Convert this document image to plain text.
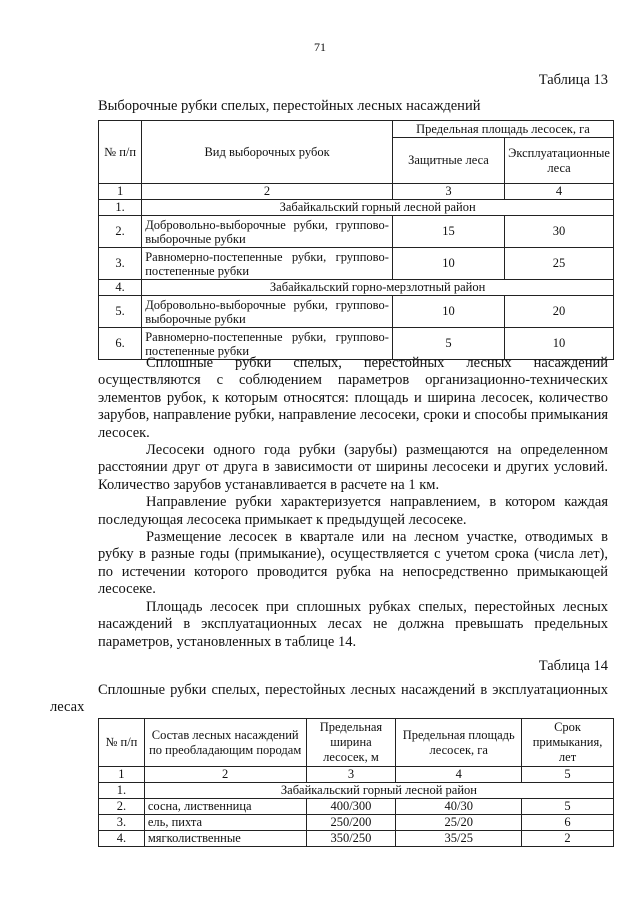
71
Таблица 13
Выборочные рубки спелых, перестойных лесных насаждений
№ п/п	Вид выборочных рубок	Предельная площадь лесосек, га	
		Защитные леса	Эксплуатационные леса
1	2	3	4
1.	Забайкальский горный лесной район		
2.	Добровольно-выборочные рубки, группово-выборочные рубки	15	30
3.	Равномерно-постепенные рубки, группово-постепенные рубки	10	25
4.	Забайкальский горно-мерзлотный район		
5.	Добровольно-выборочные рубки, группово-выборочные рубки	10	20
6.	Равномерно-постепенные рубки, группово-постепенные рубки	5	10

Сплошные рубки спелых, перестойных лесных насаждений осуществляются с соблюдением параметров организационно-технических элементов рубок, к которым относятся: площадь и ширина лесосек, количество зарубов, направление рубки, направление лесосеки, сроки и способы примыкания лесосек.

Лесосеки одного года рубки (зарубы) размещаются на определенном расстоянии друг от друга в зависимости от ширины лесосеки и других условий. Количество зарубов устанавливается в расчете на 1 км.

Направление рубки характеризуется направлением, в котором каждая последующая лесосека примыкает к предыдущей лесосеке.

Размещение лесосек в квартале или на лесном участке, отводимых в рубку в разные годы (примыкание), осуществляется с учетом срока (числа лет), по истечении которого проводится рубка на непосредственно примыкающей лесосеке.

Площадь лесосек при сплошных рубках спелых, перестойных лесных насаждений в эксплуатационных лесах не должна превышать предельных параметров, установленных в таблице 14.

Таблица 14
Сплошные рубки спелых, перестойных лесных насаждений в эксплуатационных лесах
№ п/п	Состав лесных насаждений по преобладающим породам	Предельная ширина лесосек, м	Предельная площадь лесосек, га	Срок примыкания, лет
1	2	3	4	5
1.	Забайкальский горный лесной район			
2.	сосна, лиственница	400/300	40/30	5
3.	ель, пихта	250/200	25/20	6
4.	мягколиственные	350/250	35/25	2
